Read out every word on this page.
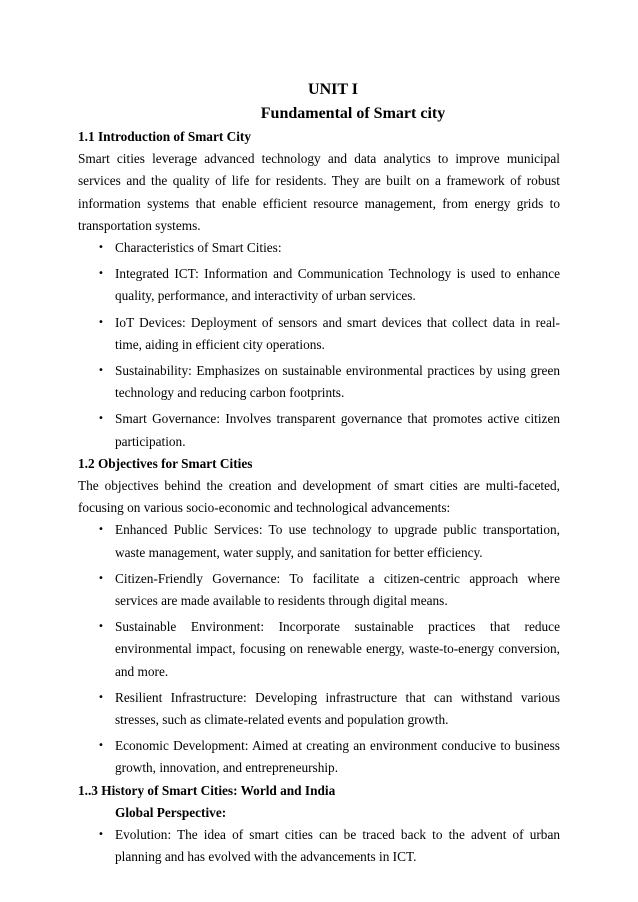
UNIT I

Fundamental of Smart city

1.1 Introduction of Smart City

Smart cities leverage advanced technology and data analytics to improve municipal services and the quality of life for residents. They are built on a framework of robust information systems that enable efficient resource management, from energy grids to transportation systems.

• Characteristics of Smart Cities:
• Integrated ICT: Information and Communication Technology is used to enhance quality, performance, and interactivity of urban services.
• IoT Devices: Deployment of sensors and smart devices that collect data in real-time, aiding in efficient city operations.
• Sustainability: Emphasizes on sustainable environmental practices by using green technology and reducing carbon footprints.
• Smart Governance: Involves transparent governance that promotes active citizen participation.

1.2 Objectives for Smart Cities

The objectives behind the creation and development of smart cities are multi-faceted, focusing on various socio-economic and technological advancements:

• Enhanced Public Services: To use technology to upgrade public transportation, waste management, water supply, and sanitation for better efficiency.
• Citizen-Friendly Governance: To facilitate a citizen-centric approach where services are made available to residents through digital means.
• Sustainable Environment: Incorporate sustainable practices that reduce environmental impact, focusing on renewable energy, waste-to-energy conversion, and more.
• Resilient Infrastructure: Developing infrastructure that can withstand various stresses, such as climate-related events and population growth.
• Economic Development: Aimed at creating an environment conducive to business growth, innovation, and entrepreneurship.

1..3 History of Smart Cities: World and India

Global Perspective:

• Evolution: The idea of smart cities can be traced back to the advent of urban planning and has evolved with the advancements in ICT.
